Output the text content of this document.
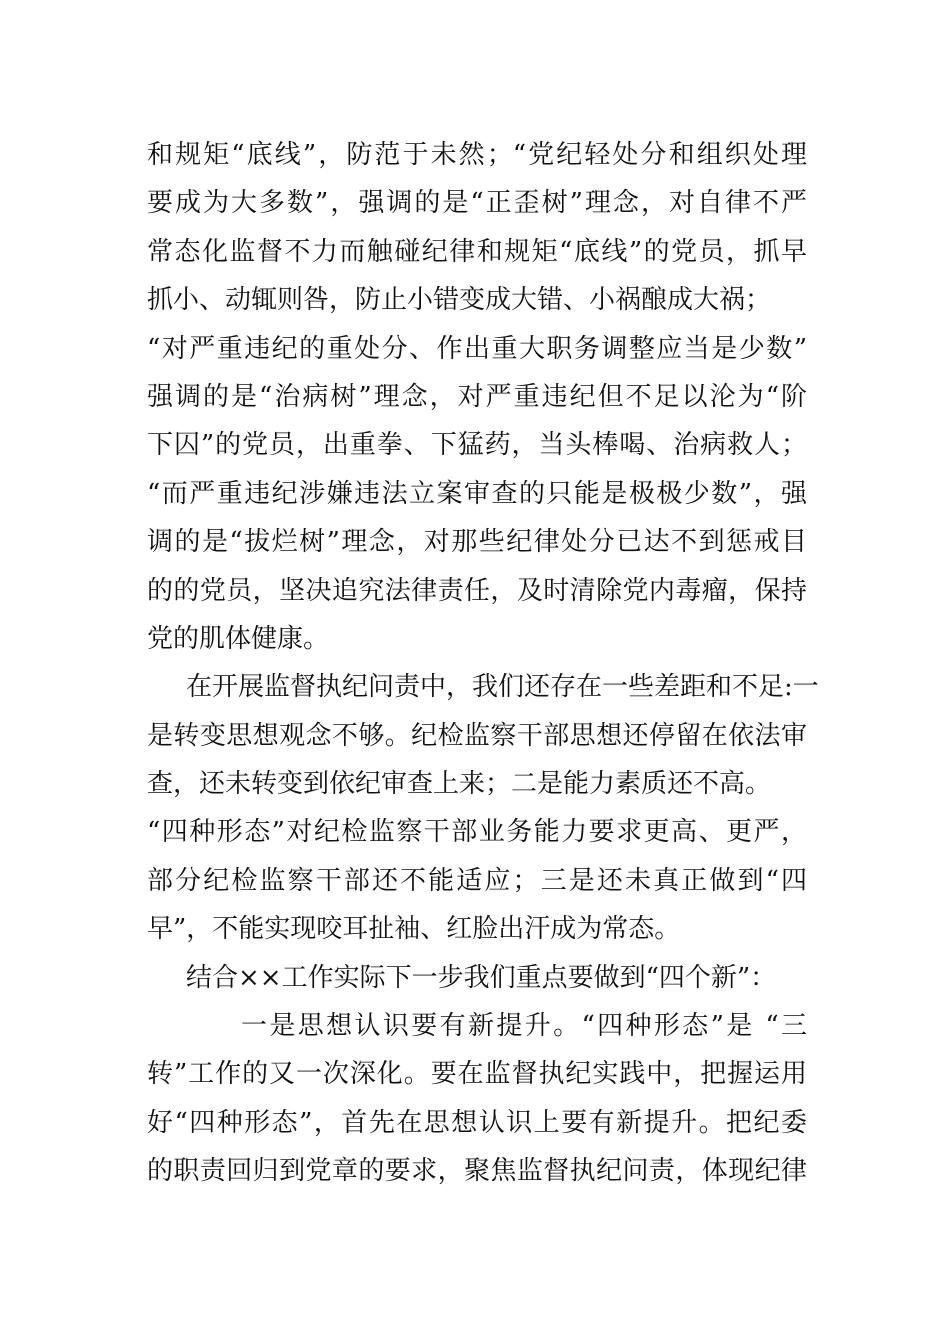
和规矩“底线”，防范于未然；“党纪轻处分和组织处理
要成为大多数”，强调的是“正歪树”理念，对自律不严
常态化监督不力而触碰纪律和规矩“底线”的党员，抓早
抓小、动辄则咎，防止小错变成大错、小祸酿成大祸；
“对严重违纪的重处分、作出重大职务调整应当是少数”
强调的是“治病树”理念，对严重违纪但不足以沦为“阶
下囚”的党员，出重拳、下猛药，当头棒喝、治病救人；
“而严重违纪涉嫌违法立案审查的只能是极极少数”，强
调的是“拔烂树”理念，对那些纪律处分已达不到惩戒目
的的党员，坚决追究法律责任，及时清除党内毒瘤，保持
党的肌体健康。
在开展监督执纪问责中，我们还存在一些差距和不足:一
是转变思想观念不够。纪检监察干部思想还停留在依法审
查，还未转变到依纪审查上来；二是能力素质还不高。
“四种形态”对纪检监察干部业务能力要求更高、更严，
部分纪检监察干部还不能适应；三是还未真正做到“四
早”，不能实现咬耳扯袖、红脸出汗成为常态。
结合××工作实际下一步我们重点要做到“四个新”：
一是思想认识要有新提升。“四种形态”是 “三
转”工作的又一次深化。要在监督执纪实践中，把握运用
好“四种形态”，首先在思想认识上要有新提升。把纪委
的职责回归到党章的要求，聚焦监督执纪问责，体现纪律
